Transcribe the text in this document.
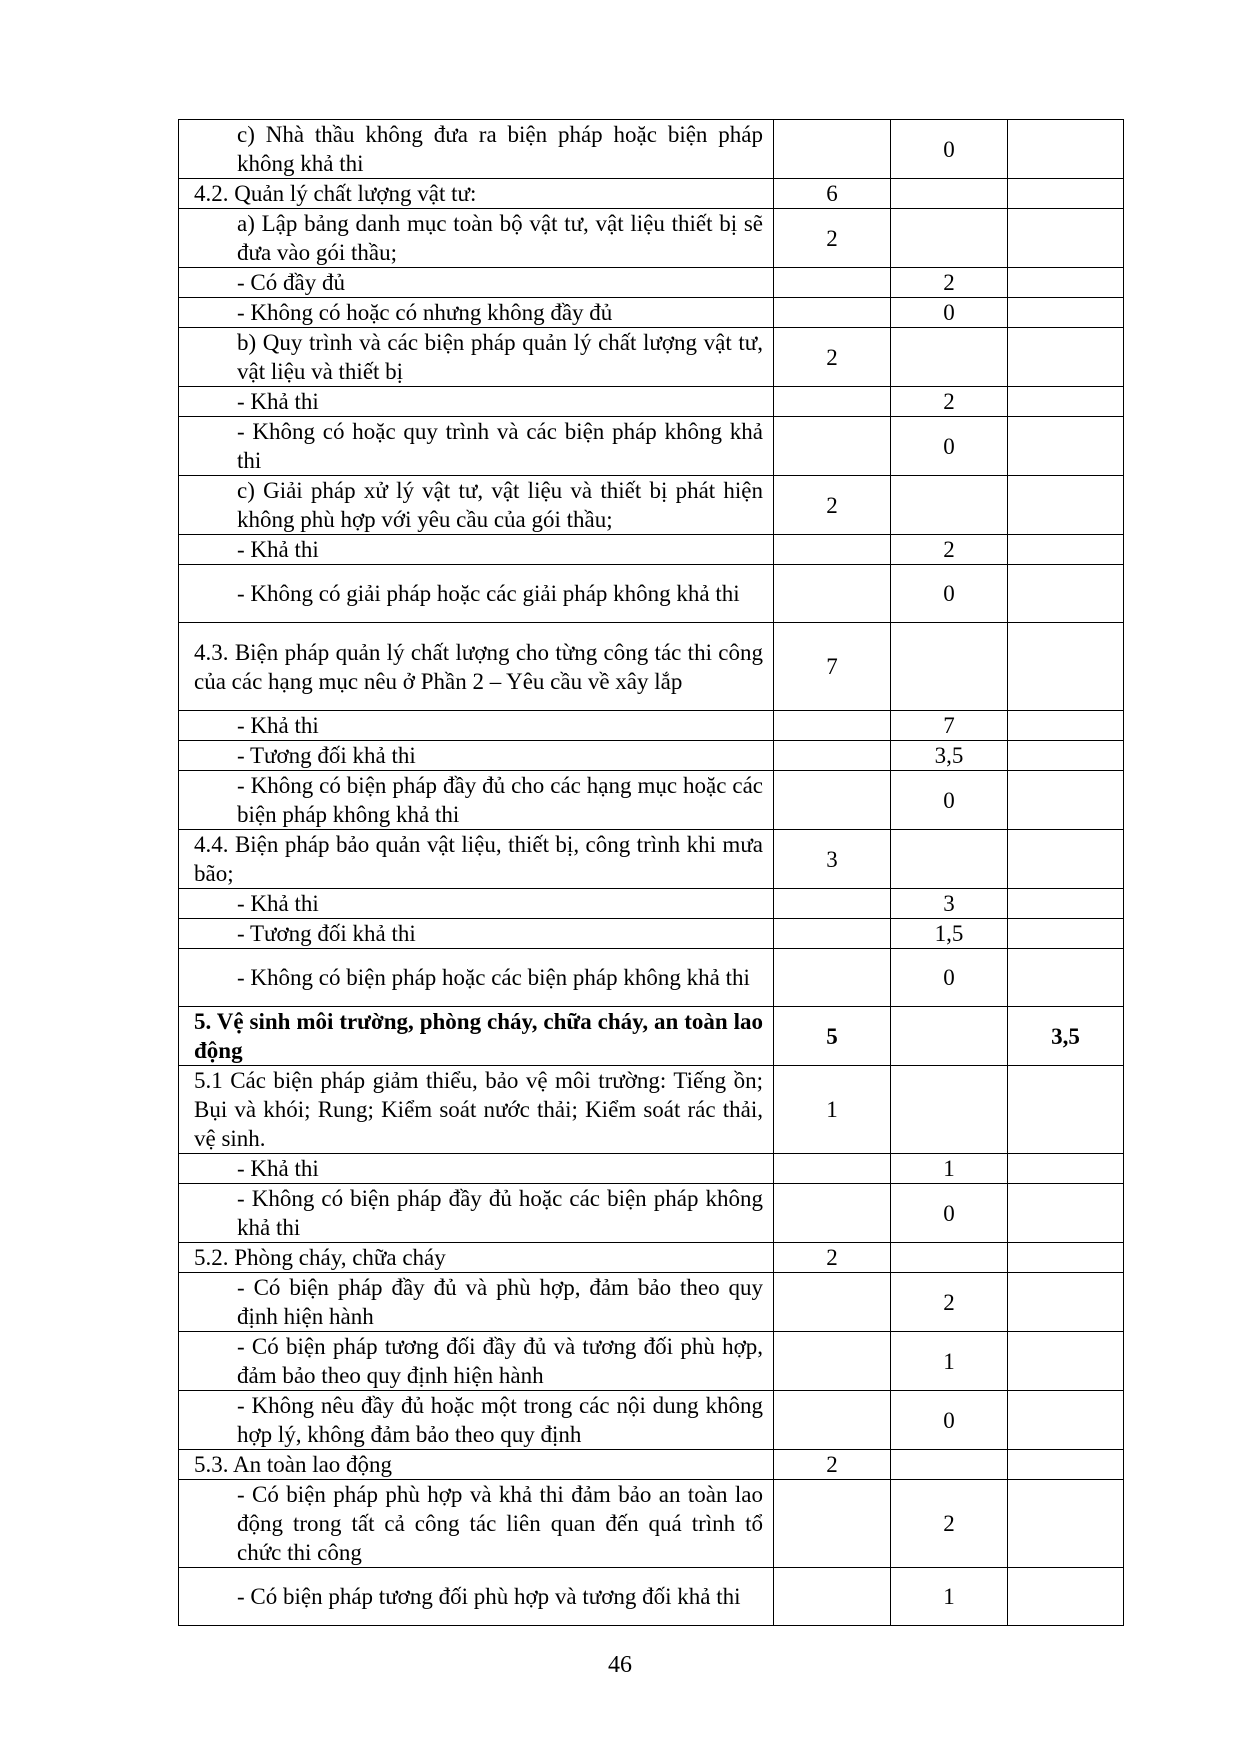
c) Nhà thầu không đưa ra biện pháp hoặc biện pháp không khả thi		0	
4.2. Quản lý chất lượng vật tư:	6		
a) Lập bảng danh mục toàn bộ vật tư, vật liệu thiết bị sẽ đưa vào gói thầu;	2		
- Có đầy đủ		2	
- Không có hoặc có nhưng không đầy đủ		0	
b) Quy trình và các biện pháp quản lý chất lượng vật tư, vật liệu và thiết bị	2		
- Khả thi		2	
- Không có hoặc quy trình và các biện pháp không khả thi		0	
c) Giải pháp xử lý vật tư, vật liệu và thiết bị phát hiện không phù hợp với yêu cầu của gói thầu;	2		
- Khả thi		2	
- Không có giải pháp hoặc các giải pháp không khả thi		0	
4.3. Biện pháp quản lý chất lượng cho từng công tác thi công của các hạng mục nêu ở Phần 2 – Yêu cầu về xây lắp	7		
- Khả thi		7	
- Tương đối khả thi		3,5	
- Không có biện pháp đầy đủ cho các hạng mục hoặc các biện pháp không khả thi		0	
4.4. Biện pháp bảo quản vật liệu, thiết bị, công trình khi mưa bão;	3		
- Khả thi		3	
- Tương đối khả thi		1,5	
- Không có biện pháp hoặc các biện pháp không khả thi		0	
5. Vệ sinh môi trường, phòng cháy, chữa cháy, an toàn lao động	5		3,5
5.1 Các biện pháp giảm thiểu, bảo vệ môi trường: Tiếng ồn; Bụi và khói; Rung; Kiểm soát nước thải; Kiểm soát rác thải, vệ sinh.	1		
- Khả thi		1	
- Không có biện pháp đầy đủ hoặc các biện pháp không khả thi		0	
5.2. Phòng cháy, chữa cháy	2		
- Có biện pháp đầy đủ và phù hợp, đảm bảo theo quy định hiện hành		2	
- Có biện pháp tương đối đầy đủ và tương đối phù hợp, đảm bảo theo quy định hiện hành		1	
- Không nêu đầy đủ hoặc một trong các nội dung không hợp lý, không đảm bảo theo quy định		0	
5.3. An toàn lao động	2		
- Có biện pháp phù hợp và khả thi đảm bảo an toàn lao động trong tất cả công tác liên quan đến quá trình tổ chức thi công		2	
- Có biện pháp tương đối phù hợp và tương đối khả thi		1	
46
